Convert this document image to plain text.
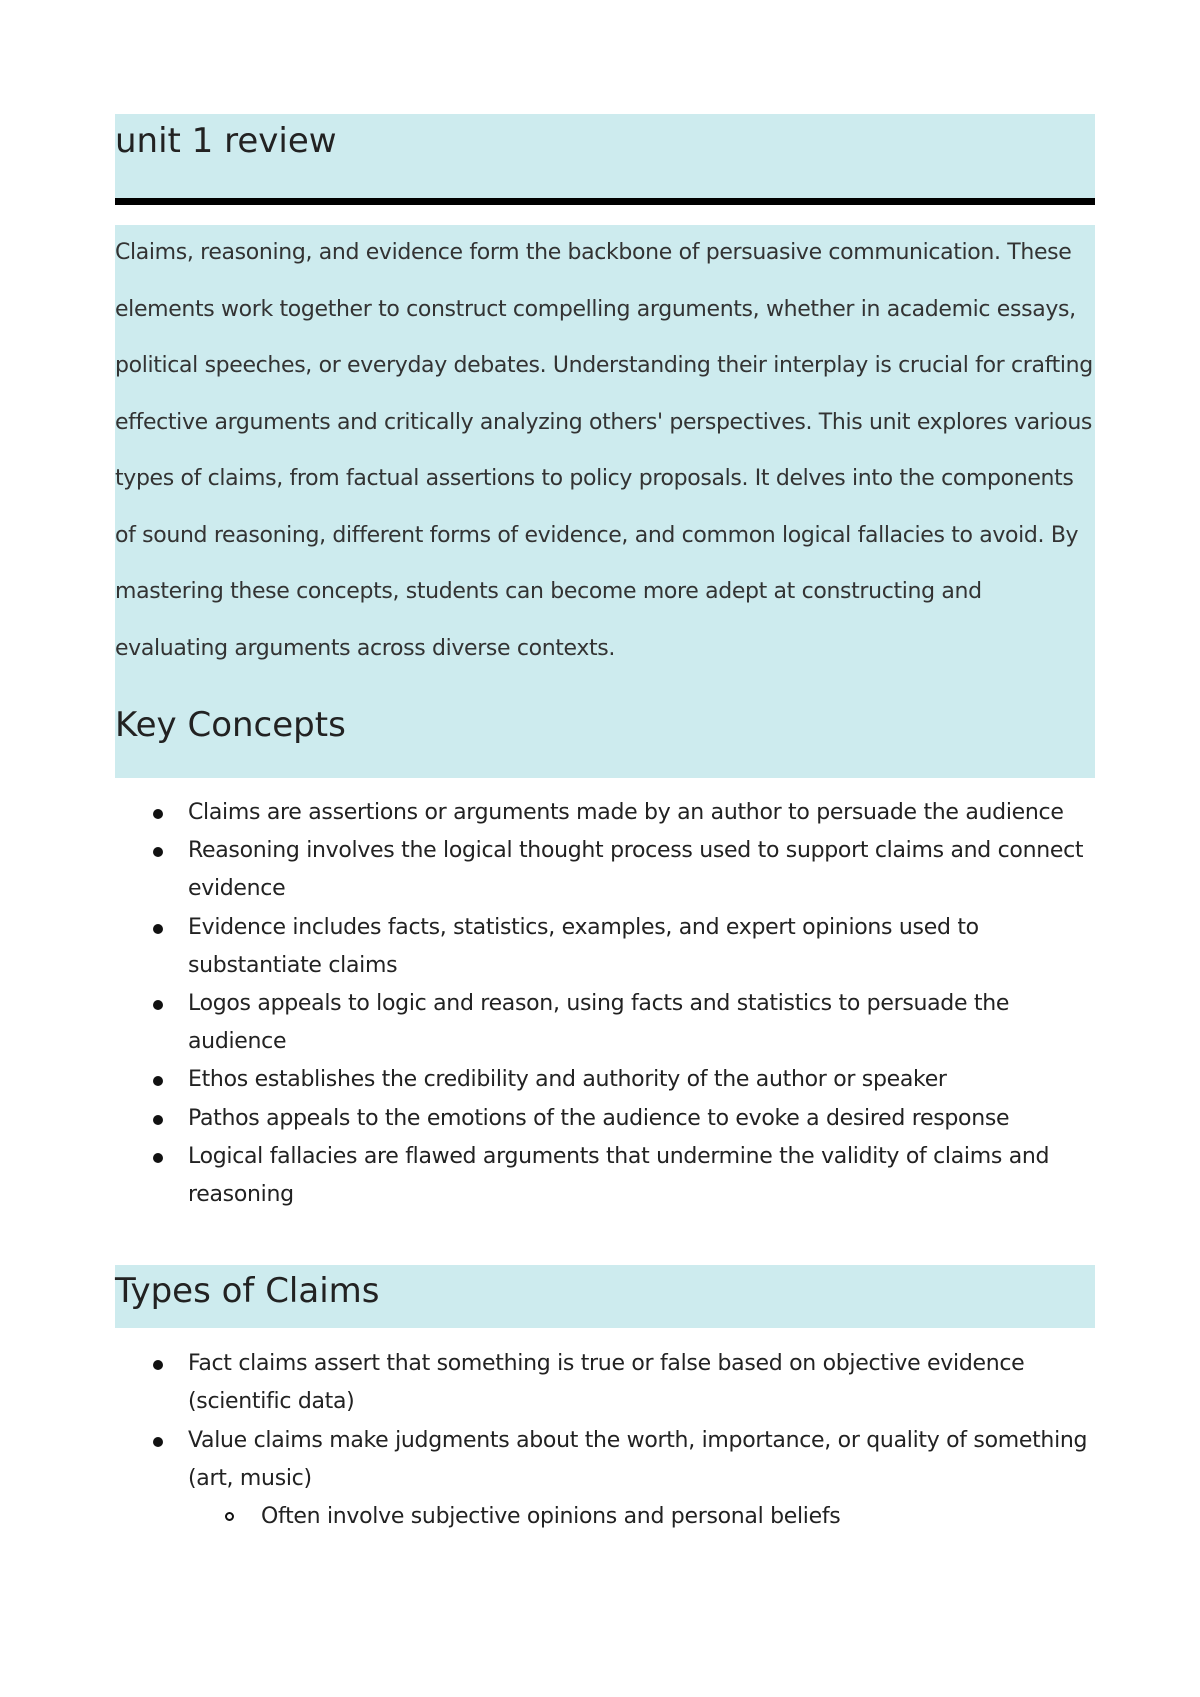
unit 1 review

Claims, reasoning, and evidence form the backbone of persuasive communication. These elements work together to construct compelling arguments, whether in academic essays, political speeches, or everyday debates. Understanding their interplay is crucial for crafting effective arguments and critically analyzing others' perspectives. This unit explores various types of claims, from factual assertions to policy proposals. It delves into the components of sound reasoning, different forms of evidence, and common logical fallacies to avoid. By mastering these concepts, students can become more adept at constructing and evaluating arguments across diverse contexts.

Key Concepts
Claims are assertions or arguments made by an author to persuade the audience
Reasoning involves the logical thought process used to support claims and connect evidence
Evidence includes facts, statistics, examples, and expert opinions used to substantiate claims
Logos appeals to logic and reason, using facts and statistics to persuade the audience
Ethos establishes the credibility and authority of the author or speaker
Pathos appeals to the emotions of the audience to evoke a desired response
Logical fallacies are flawed arguments that undermine the validity of claims and reasoning
Types of Claims
Fact claims assert that something is true or false based on objective evidence (scientific data)
Value claims make judgments about the worth, importance, or quality of something (art, music)
Often involve subjective opinions and personal beliefs
